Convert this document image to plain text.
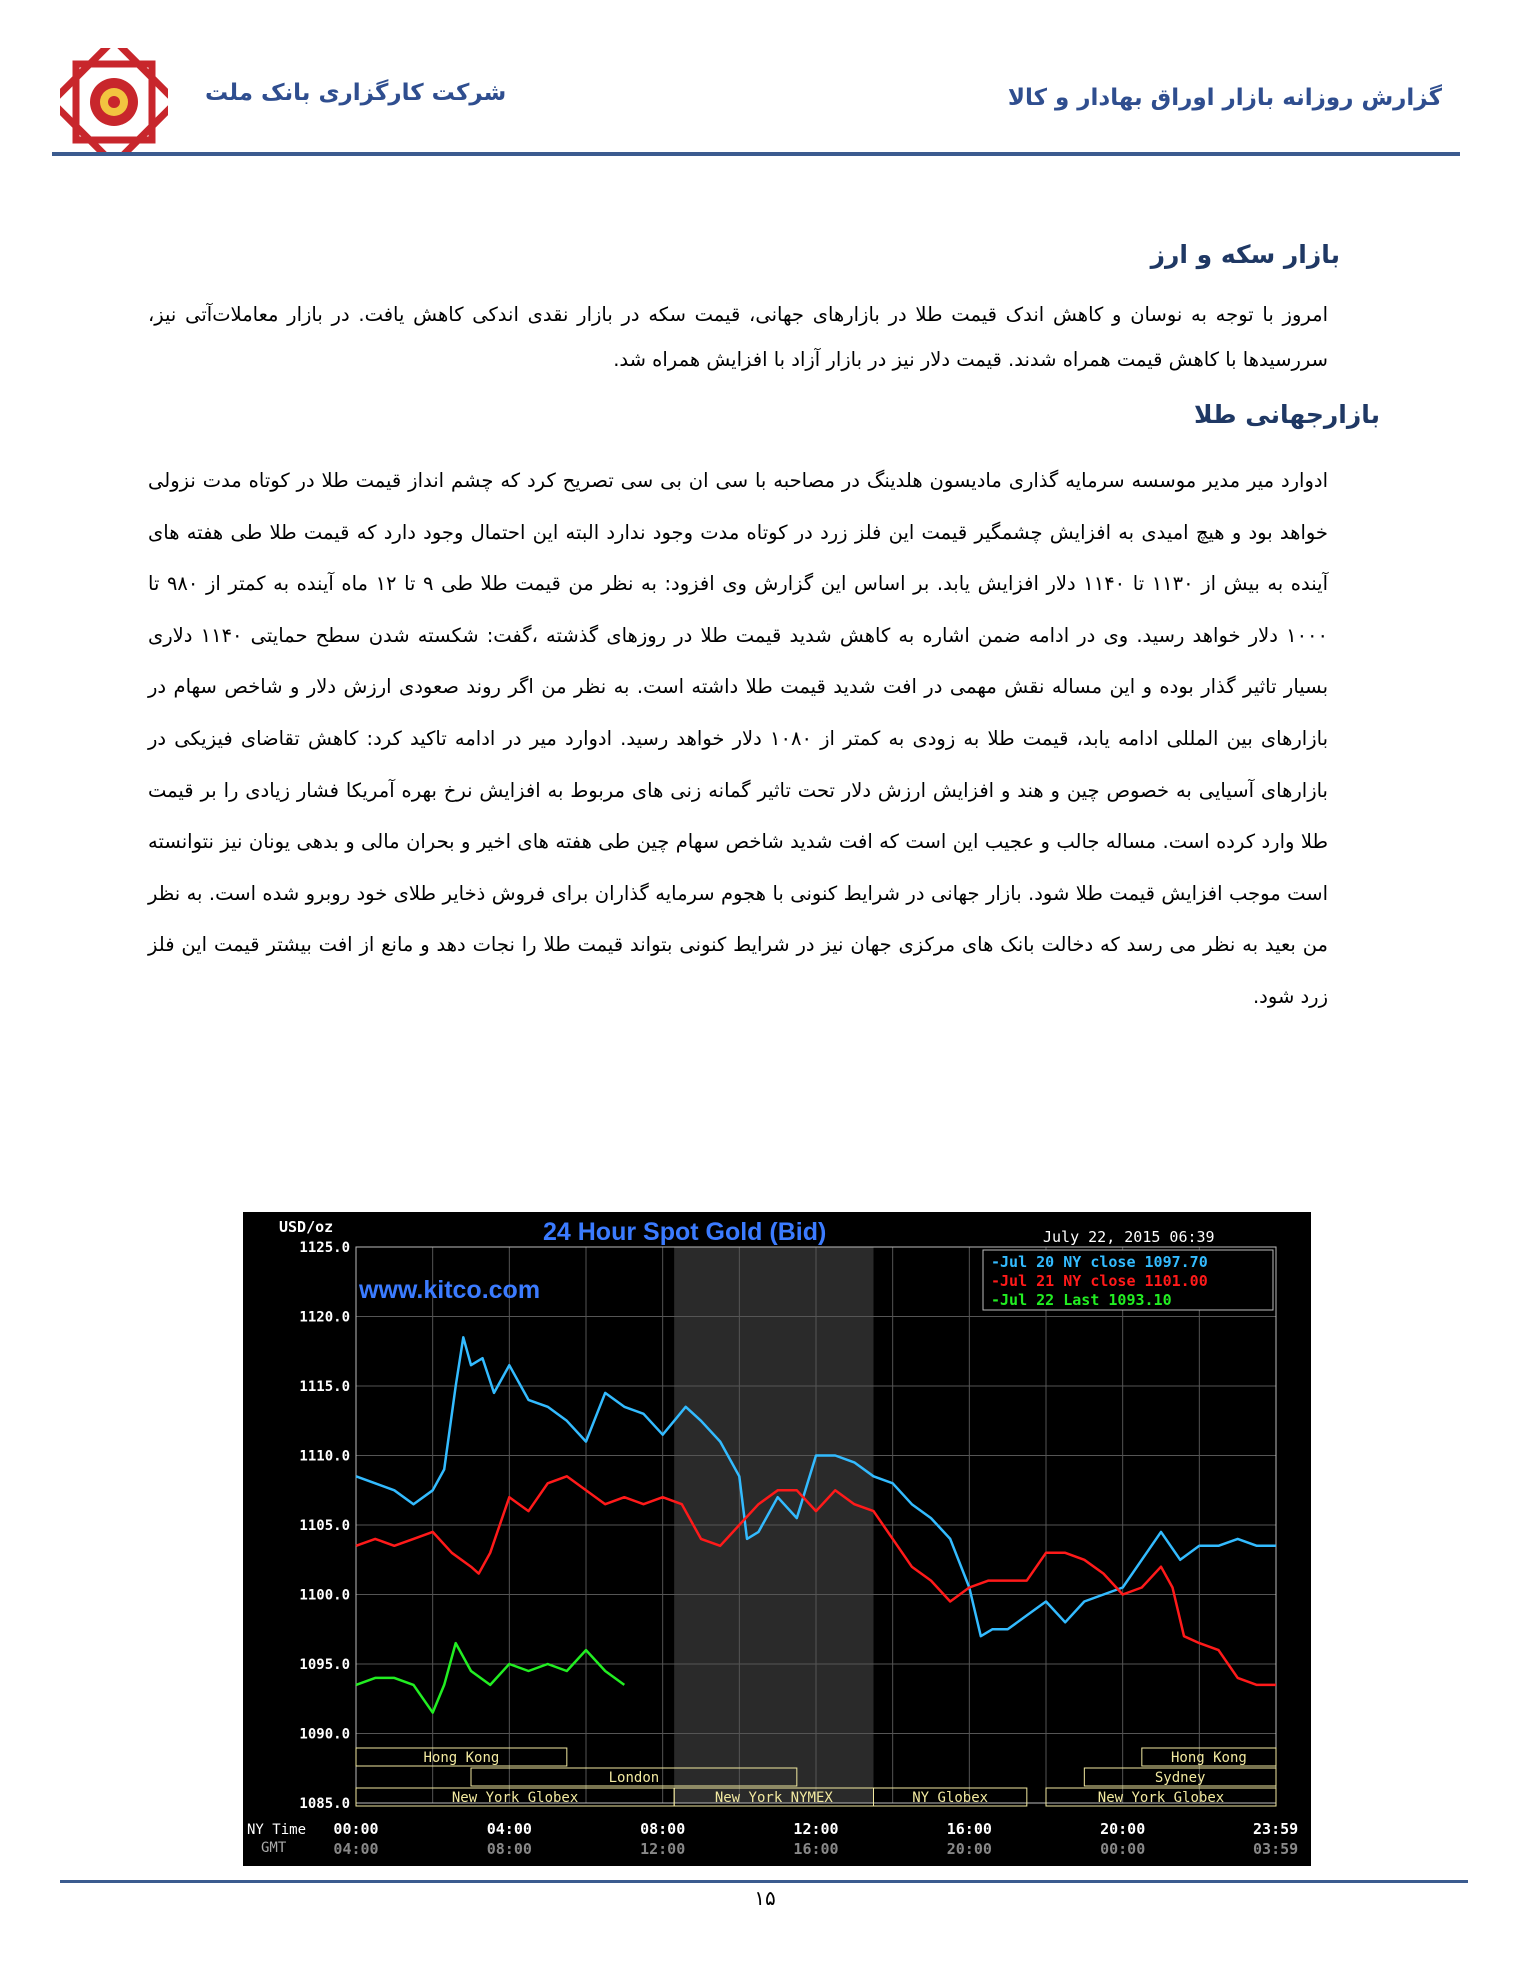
شرکت کارگزاری بانک ملت	گزارش روزانه بازار اوراق بهادار و کالا
بازار سکه و ارز
امروز با توجه به نوسان و کاهش اندک قیمت طلا در بازارهای جهانی، قیمت سکه در بازار نقدی اندکی کاهش یافت. در بازار معاملات‌آتی نیز، سررسیدها با کاهش قیمت همراه شدند. قیمت دلار نیز در بازار آزاد با افزایش همراه شد.
بازارجهانی طلا
ادوارد میر مدیر موسسه سرمایه گذاری مادیسون هلدینگ در مصاحبه با سی ان بی سی تصریح کرد که چشم انداز قیمت طلا در کوتاه مدت نزولی خواهد بود و هیچ امیدی به افزایش چشمگیر قیمت این فلز زرد در کوتاه مدت وجود ندارد البته این احتمال وجود دارد که قیمت طلا طی هفته های آینده به بیش از ۱۱۳۰ تا ۱۱۴۰ دلار افزایش یابد. بر اساس این گزارش وی افزود: به نظر من قیمت طلا طی ۹ تا ۱۲ ماه آینده به کمتر از ۹۸۰ تا ۱۰۰۰ دلار خواهد رسید. وی در ادامه ضمن اشاره به کاهش شدید قیمت طلا در روزهای گذشته ،گفت: شکسته شدن سطح حمایتی ۱۱۴۰ دلاری بسیار تاثیر گذار بوده و این مساله نقش مهمی در افت شدید قیمت طلا داشته است. به نظر من اگر روند صعودی ارزش دلار و شاخص سهام در بازارهای بین المللی ادامه یابد، قیمت طلا به زودی به کمتر از ۱۰۸۰ دلار خواهد رسید. ادوارد میر در ادامه تاکید کرد: کاهش تقاضای فیزیکی در بازارهای آسیایی به خصوص چین و هند و افزایش ارزش دلار تحت تاثیر گمانه زنی های مربوط به افزایش نرخ بهره آمریکا فشار زیادی را بر قیمت طلا وارد کرده است. مساله جالب و عجیب این است که افت شدید شاخص سهام چین طی هفته های اخیر و بحران مالی و بدهی یونان نیز نتوانسته است موجب افزایش قیمت طلا شود. بازار جهانی در شرایط کنونی با هجوم سرمایه گذاران برای فروش ذخایر طلای خود روبرو شده است. به نظر من بعید به نظر می رسد که دخالت بانک های مرکزی جهان نیز در شرایط کنونی بتواند قیمت طلا را نجات دهد و مانع از افت بیشتر قیمت این فلز زرد شود.
Hong Kong
London
New York Globex	New York NYMEX	NY Globex
Hong Kong
Sydney
New York Globex
1125.0
1120.0
1115.0
1110.0
1105.0
1100.0
1095.0
1090.0
1085.0
00:00
04:00
04:00
08:00
08:00
12:00
12:00
16:00
16:00
20:00
20:00
00:00
23:59
03:59
USD/oz	24 Hour Spot Gold (Bid)	July 22, 2015 06:39
www.kitco.com
-Jul 20 NY close 1097.70
-Jul 21 NY close 1101.00
-Jul 22 Last 1093.10
NY Time
GMT
۱۵
